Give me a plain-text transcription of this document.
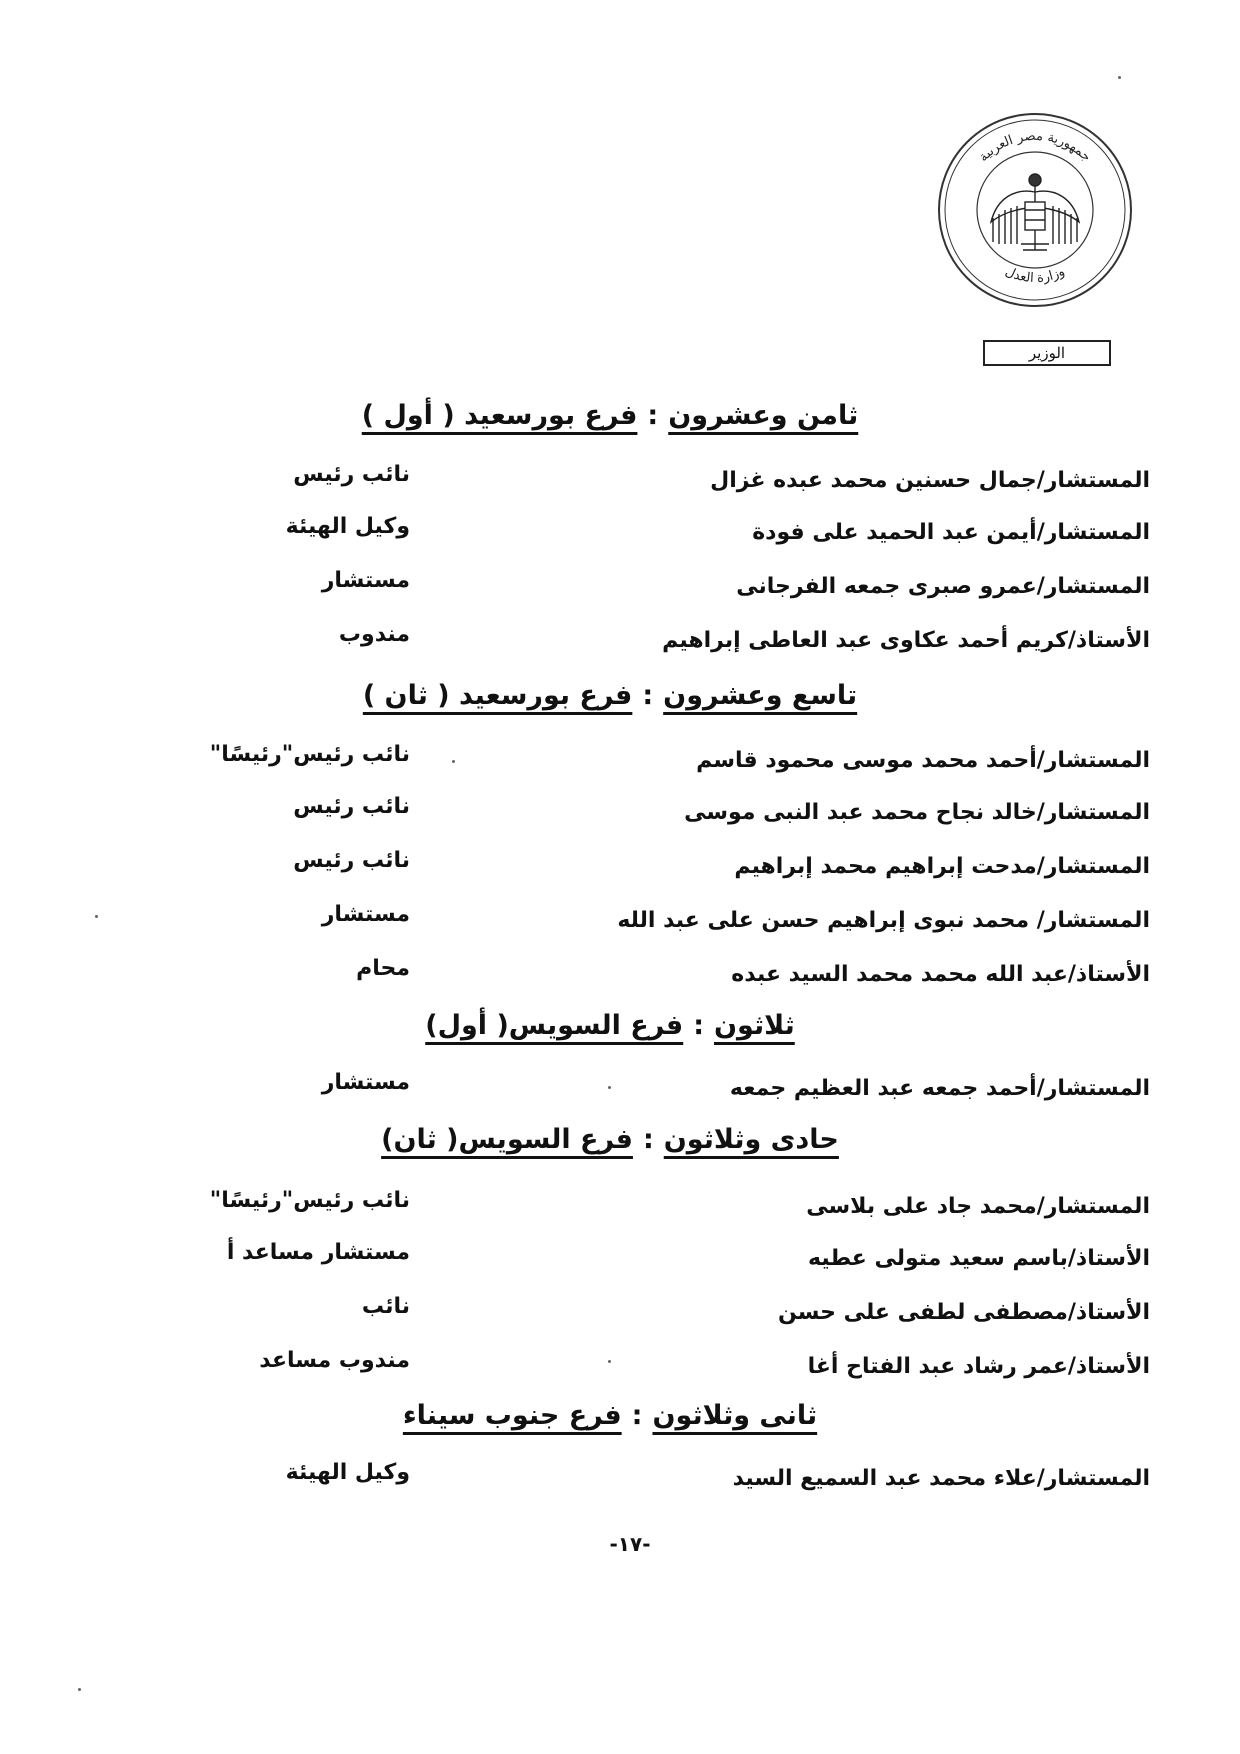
جمهورية مصر العربية
وزارة العدل
الوزير
ثامن وعشرون:فرع بورسعيد ( أول )
المستشار/جمال حسنين محمد عبده غزال
نائب رئيس
المستشار/أيمن عبد الحميد على فودة
وكيل الهيئة
المستشار/عمرو صبرى جمعه الفرجانى
مستشار
الأستاذ/كريم أحمد عكاوى عبد العاطى إبراهيم
مندوب
تاسع وعشرون:فرع بورسعيد ( ثان )
المستشار/أحمد محمد موسى محمود قاسم
نائب رئيس"رئيسًا"
المستشار/خالد نجاح محمد عبد النبى موسى
نائب رئيس
المستشار/مدحت إبراهيم محمد إبراهيم
نائب رئيس
المستشار/ محمد نبوى إبراهيم حسن على عبد الله
مستشار
الأستاذ/عبد الله محمد محمد السيد عبده
محام
ثلاثون:فرع السويس( أول)
المستشار/أحمد جمعه عبد العظيم جمعه
مستشار
حادى وثلاثون:فرع السويس( ثان)
المستشار/محمد جاد على بلاسى
نائب رئيس"رئيسًا"
الأستاذ/باسم سعيد متولى عطيه
مستشار مساعد أ
الأستاذ/مصطفى لطفى على حسن
نائب
الأستاذ/عمر رشاد عبد الفتاح أغا
مندوب مساعد
ثانى وثلاثون:فرع جنوب سيناء
المستشار/علاء محمد عبد السميع السيد
وكيل الهيئة
-١٧-
